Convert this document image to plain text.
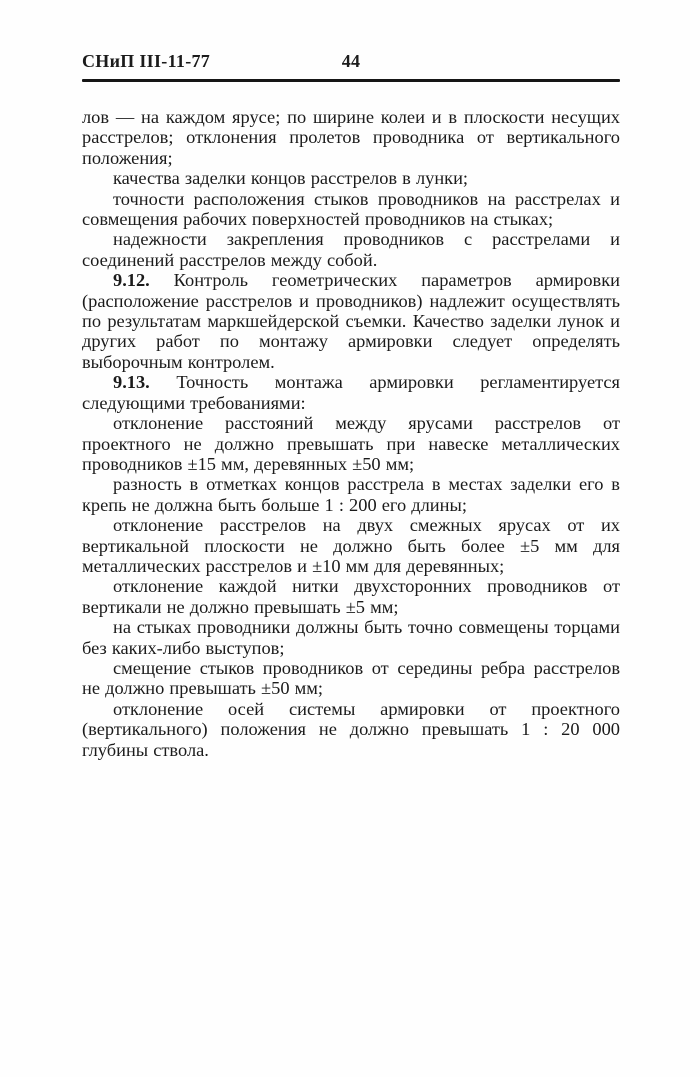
СНиП III-11-77	44

лов — на каждом ярусе; по ширине колеи и в плоскости несущих расстрелов; отклонения пролетов проводника от вертикального положения;

качества заделки концов расстрелов в лунки;

точности расположения стыков проводников на расстрелах и совмещения рабочих поверхностей проводников на стыках;

надежности закрепления проводников с расстрелами и соединений расстрелов между собой.

9.12. Контроль геометрических параметров армировки (расположение расстрелов и проводников) надлежит осуществлять по результатам маркшейдерской съемки. Качество заделки лунок и других работ по монтажу армировки следует определять выборочным контролем.

9.13. Точность монтажа армировки регламентируется следующими требованиями:

отклонение расстояний между ярусами расстрелов от проектного не должно превышать при навеске металлических проводников ±15 мм, деревянных ±50 мм;

разность в отметках концов расстрела в местах заделки его в крепь не должна быть больше 1 : 200 его длины;

отклонение расстрелов на двух смежных ярусах от их вертикальной плоскости не должно быть более ±5 мм для металлических расстрелов и ±10 мм для деревянных;

отклонение каждой нитки двухсторонних проводников от вертикали не должно превышать ±5 мм;

на стыках проводники должны быть точно совмещены торцами без каких-либо выступов;

смещение стыков проводников от середины ребра расстрелов не должно превышать ±50 мм;

отклонение осей системы армировки от проектного (вертикального) положения не должно превышать 1 : 20 000 глубины ствола.
